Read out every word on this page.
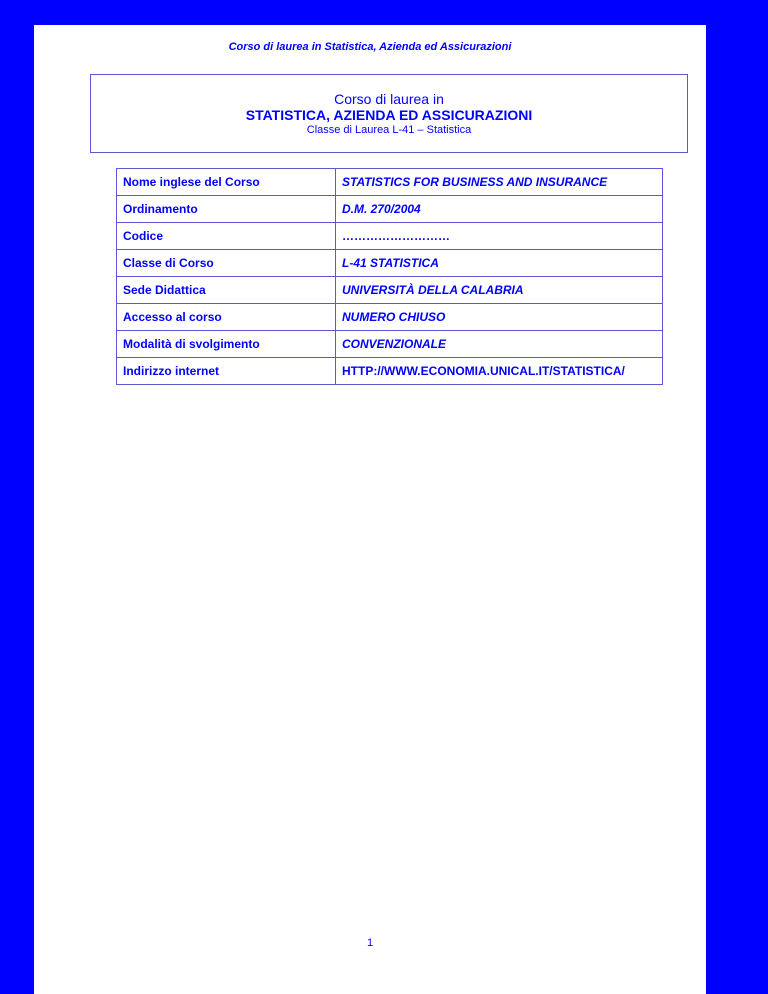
Corso di laurea in Statistica, Azienda ed Assicurazioni
Corso di laurea in
STATISTICA, AZIENDA ED ASSICURAZIONI
Classe di Laurea L-41 – Statistica
Nome inglese del Corso	STATISTICS FOR BUSINESS AND INSURANCE
Ordinamento	D.M. 270/2004
Codice	………………………
Classe di Corso	L-41 STATISTICA
Sede Didattica	UNIVERSITÀ DELLA CALABRIA
Accesso al corso	NUMERO CHIUSO
Modalità di svolgimento	CONVENZIONALE
Indirizzo internet	HTTP://WWW.ECONOMIA.UNICAL.IT/STATISTICA/
1
